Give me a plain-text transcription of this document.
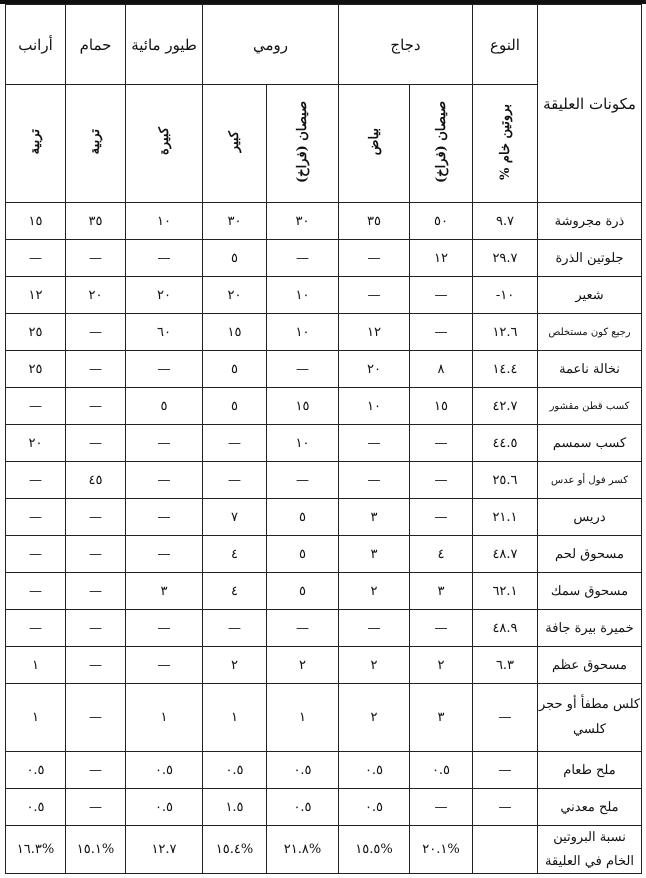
مكونات العليقة	النوع	دجاج		رومي		طيور مائية	حمام	أرانب
	بروتين خام %	صيصان (فراخ)	بياض	صيصان (فراخ)	كبير	كبيرة	تربية	تربية
ذرة مجروشة	٩.٧	٥٠	٣٥	٣٠	٣٠	١٠	٣٥	١٥
جلوتين الذرة	٢٩.٧	١٢	—	—	٥	—	—	—
شعير	١٠-	—	—	١٠	٢٠	٢٠	٢٠	١٢
رجيع كون مستخلص	١٢.٦	—	١٢	١٠	١٥	٦٠	—	٢٥
نخالة ناعمة	١٤.٤	٨	٢٠	—	٥	—	—	٢٥
كسب قطن مقشور	٤٢.٧	١٥	١٠	١٥	٥	٥	—	—
كسب سمسم	٤٤.٥	—	—	١٠	—	—	—	٢٠
كسر فول أو عدس	٢٥.٦	—	—	—	—	—	٤٥	—
دريس	٢١.١	—	٣	٥	٧	—	—	—
مسحوق لحم	٤٨.٧	٤	٣	٥	٤	—	—	—
مسحوق سمك	٦٢.١	٣	٢	٥	٤	٣	—	—
خميرة بيرة جافة	٤٨.٩	—	—	—	—	—	—	—
مسحوق عظم	٦.٣	٢	٢	٢	٢	—	—	١
كلس مطفأ أو حجر كلسي	—	٣	٢	١	١	١	—	١
ملح طعام	—	٠.٥	٠.٥	٠.٥	٠.٥	٠.٥	—	٠.٥
ملح معدني	—	—	٠.٥	٠.٥	١.٥	٠.٥	—	٠.٥
نسبة البروتين الخام في العليقة		%٢٠.١	%١٥.٥	%٢١.٨	%١٥.٤	١٢.٧	%١٥.١	%١٦.٣
